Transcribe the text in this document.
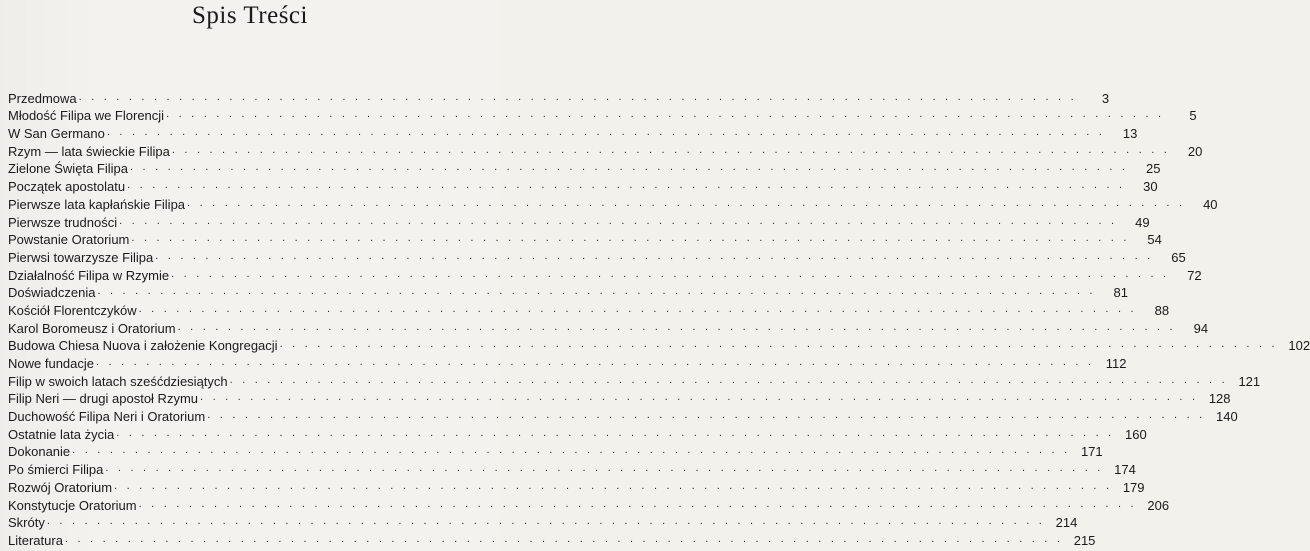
Spis Treści
Przedmowa ................................................................................	3
Młodość Filipa we Florencji ................................................................................	5
W San Germano ................................................................................ 13
Rzym — lata świeckie Filipa ................................................................................ 20
Zielone Święta Filipa ................................................................................ 25
Początek apostolatu ................................................................................ 30
Pierwsze lata kapłańskie Filipa ................................................................................ 40
Pierwsze trudności ................................................................................ 49
Powstanie Oratorium ................................................................................ 54
Pierwsi towarzysze Filipa ................................................................................ 65
Działalność Filipa w Rzymie ................................................................................ 72
Doświadczenia ................................................................................ 81
Kościół Florentczyków ................................................................................ 88
Karol Boromeusz i Oratorium ................................................................................ 94
Budowa Chiesa Nuova i założenie Kongregacji ................................................................................ 102
Nowe fundacje ................................................................................ 112
Filip w swoich latach sześćdziesiątych ................................................................................ 121
Filip Neri — drugi apostoł Rzymu ................................................................................ 128
Duchowość Filipa Neri i Oratorium ................................................................................ 140
Ostatnie lata życia ................................................................................ 160
Dokonanie ................................................................................ 171
Po śmierci Filipa ................................................................................ 174
Rozwój Oratorium ................................................................................ 179
Konstytucje Oratorium ................................................................................ 206
Skróty ................................................................................ 214
Literatura ................................................................................ 215
